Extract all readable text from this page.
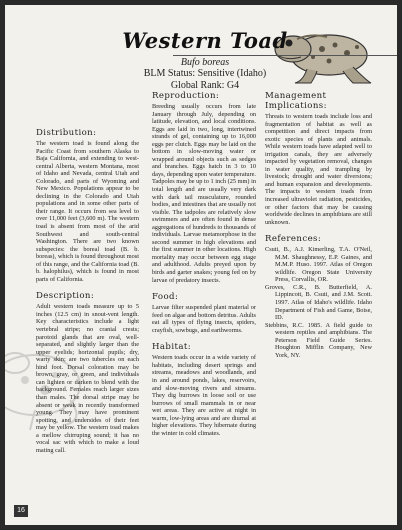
Western Toad
Bufo boreas
BLM Status: Sensitive (Idaho)
Global Rank: G4
Distribution:

The western toad is found along the Pacific Coast from southern Alaska to Baja California, and extending to west-central Alberta, western Montana, most of Idaho and Nevada, central Utah and Colorado, and parts of Wyoming and New Mexico. Populations appear to be declining in the Colorado and Utah populations and in some other parts of their range. It occurs from sea level to over 11,000 feet (3,600 m). The western toad is absent from most of the arid Southwest and south-central Washington. There are two known subspecies: the boreal toad (B. b. boreas), which is found throughout most of this range, and the California toad (B. b. halophilus), which is found in most parts of California.

Description:

Adult western toads measure up to 5 inches (12.5 cm) in snout-vent length. Key characteristics include a light vertebral stripe; no cranial crests; parotoid glands that are oval, well-separated, and slightly larger than the upper eyelids; horizontal pupils; dry, warty skin; are two tubercles on each hind foot. Dorsal coloration may be brown, gray, or green, and individuals can lighten or darken to blend with the background. Females reach larger sizes than males. The dorsal stripe may be absent or weak in recently transformed young. They may have prominent spotting, and undersides of their feet may be yellow. The western toad makes a mellow chirruping sound; it has no vocal sac with which to make a loud mating call.

Reproduction:

Breeding usually occurs from late January through July, depending on latitude, elevation, and local conditions. Eggs are laid in two, long, intertwined strands of gel, containing up to 16,000 eggs per clutch. Eggs may be laid on the bottom in slow-moving water or wrapped around objects such as sedges and branches. Eggs hatch in 3 to 10 days, depending upon water temperature. Tadpoles may be up to 1 inch (25 mm) in total length and are usually very dark with dark tail musculature, rounded bodies, and intestines that are usually not visible. The tadpoles are relatively slow swimmers and are often found in dense aggregations of hundreds to thousands of individuals. Larvae metamorphose in the second summer in high elevations and the first summer in other locations. High mortality may occur between egg stage and adulthood. Adults preyed upon by birds and garter snakes; young fed on by larvae of predatory insects.

Food:

Larvae filter suspended plant material or feed on algae and bottom detritus. Adults eat all types of flying insects, spiders, crayfish, sowbugs, and earthworms.

Habitat:

Western toads occur in a wide variety of habitats, including desert springs and streams, meadows and woodlands, and in and around ponds, lakes, reservoirs, and slow-moving rivers and streams. They dig burrows in loose soil or use burrows of small mammals in or near wet areas. They are active at night in warm, low-lying areas and are diurnal at higher elevations. They hibernate during the winter in cold climates.

Management Implications:

Threats to western toads include loss and fragmentation of habitat as well as competition and direct impacts from exotic species of plants and animals. While western toads have adapted well to irrigation canals, they are adversely impacted by vegetation removal, changes in water quality, and trampling by livestock; drought and water diversions; and human expansion and developments. The impacts to western toads from increased ultraviolet radiation, pesticides, or other factors that may be causing worldwide declines in amphibians are still unknown.

References:

Csuti, B., A.J. Kimerling, T.A. O'Neil, M.M. Shaughnessy, E.P. Gaines, and M.M.P. Huso. 1997. Atlas of Oregon wildlife. Oregon State University Press, Corvallis, OR.

Groves, C.R., B. Butterfield, A. Lippincott, B. Csuti, and J.M. Scott. 1997. Atlas of Idaho's wildlife. Idaho Department of Fish and Game, Boise, ID.

Stebbins, R.C. 1985. A field guide to western reptiles and amphibians. The Peterson Field Guide Series. Houghton Mifflin Company, New York, NY.

16
